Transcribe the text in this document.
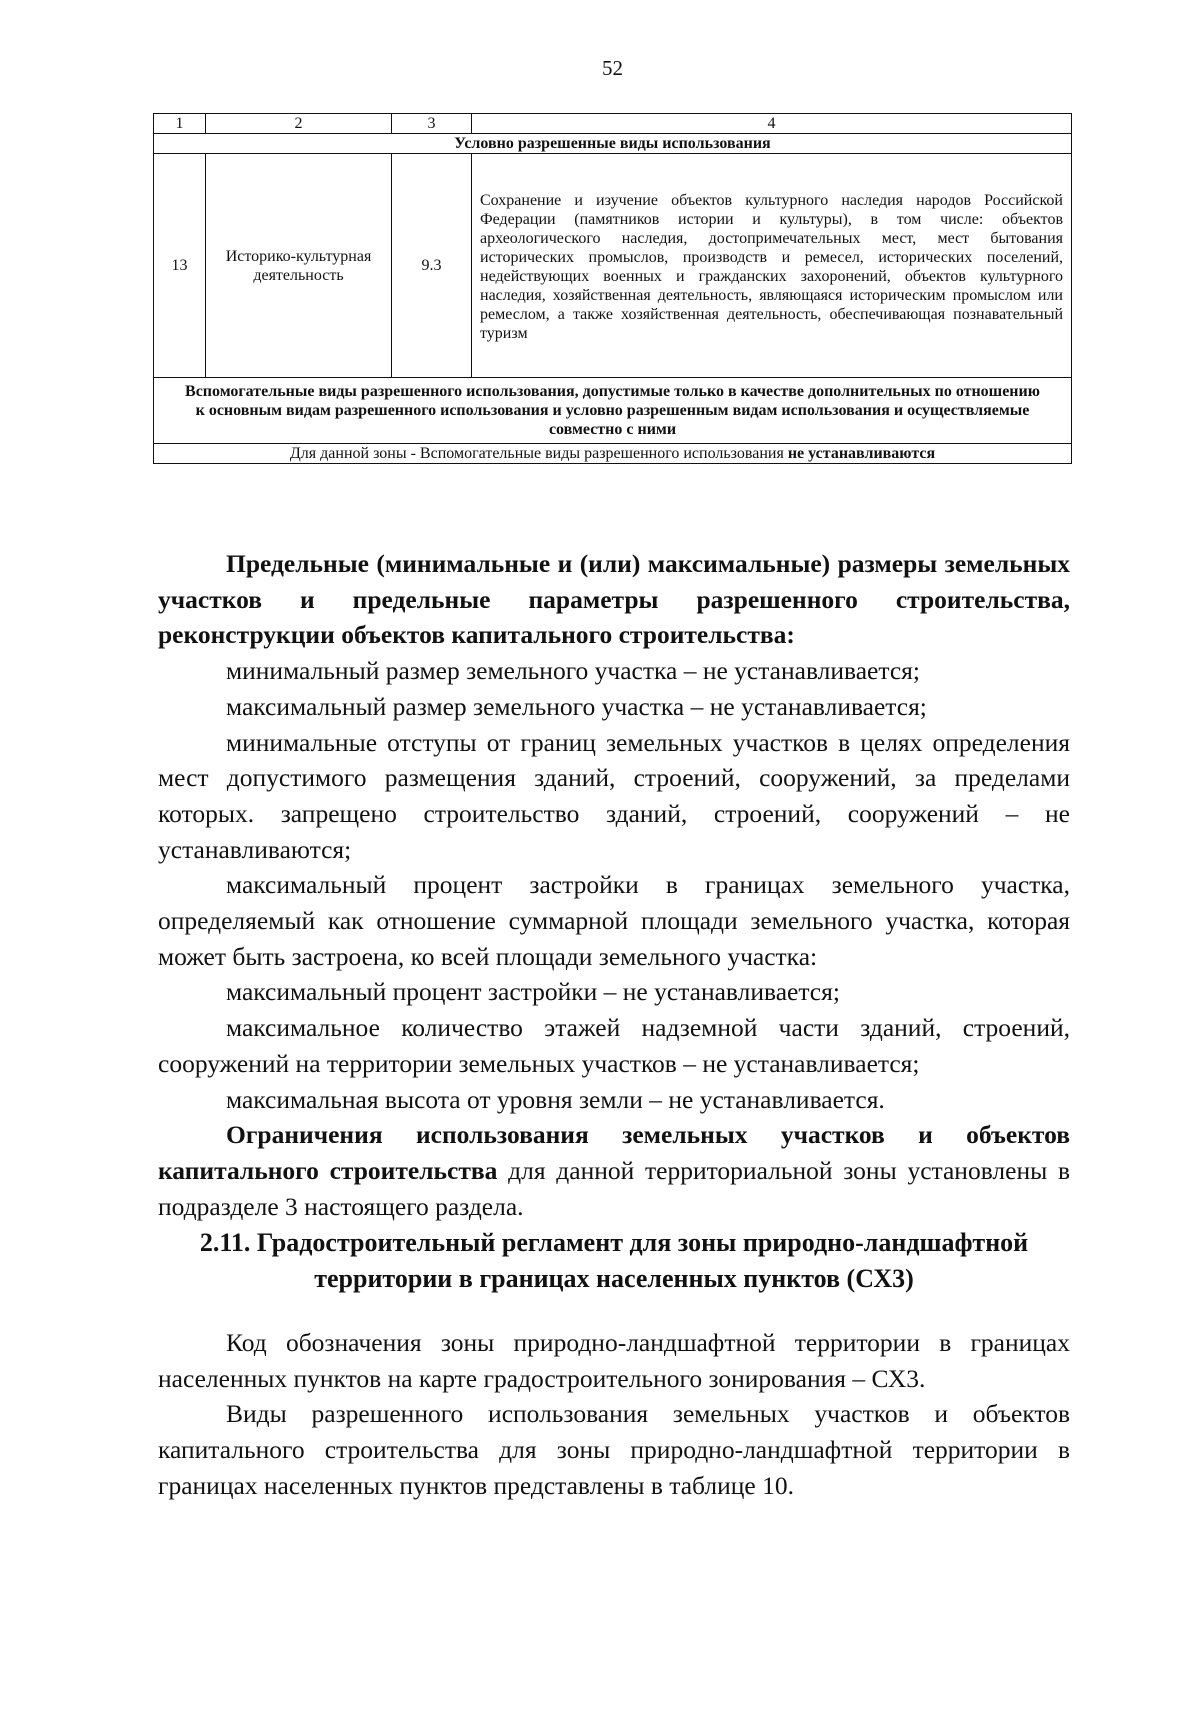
52
1	2	3	4
Условно разрешенные виды использования			
13	Историко-культурная деятельность	9.3	Сохранение и изучение объектов культурного наследия народов Российской Федерации (памятников истории и культуры), в том числе: объектов археологического наследия, достопримечательных мест, мест бытования исторических промыслов, производств и ремесел, исторических поселений, недействующих военных и гражданских захоронений, объектов культурного наследия, хозяйственная деятельность, являющаяся историческим промыслом или ремеслом, а также хозяйственная деятельность, обеспечивающая познавательный туризм
Вспомогательные виды разрешенного использования, допустимые только в качестве дополнительных по отношению к основным видам разрешенного использования и условно разрешенным видам использования и осуществляемые совместно с ними			
Для данной зоны - Вспомогательные виды разрешенного использования не устанавливаются			

Предельные (минимальные и (или) максимальные) размеры земельных участков и предельные параметры разрешенного строительства, реконструкции объектов капитального строительства:

минимальный размер земельного участка – не устанавливается;

максимальный размер земельного участка – не устанавливается;

минимальные отступы от границ земельных участков в целях определения мест допустимого размещения зданий, строений, сооружений, за пределами которых. запрещено строительство зданий, строений, сооружений – не устанавливаются;

максимальный процент застройки в границах земельного участка, определяемый как отношение суммарной площади земельного участка, которая может быть застроена, ко всей площади земельного участка:

максимальный процент застройки – не устанавливается;

максимальное количество этажей надземной части зданий, строений, сооружений на территории земельных участков – не устанавливается;

максимальная высота от уровня земли – не устанавливается.

Ограничения использования земельных участков и объектов капитального строительства для данной территориальной зоны установлены в подразделе 3 настоящего раздела.

2.11. Градостроительный регламент для зоны природно-ландшафтной территории в границах населенных пунктов (СХ3)

Код обозначения зоны природно-ландшафтной территории в границах населенных пунктов на карте градостроительного зонирования – СХ3.

Виды разрешенного использования земельных участков и объектов капитального строительства для зоны природно-ландшафтной территории в границах населенных пунктов представлены в таблице 10.
